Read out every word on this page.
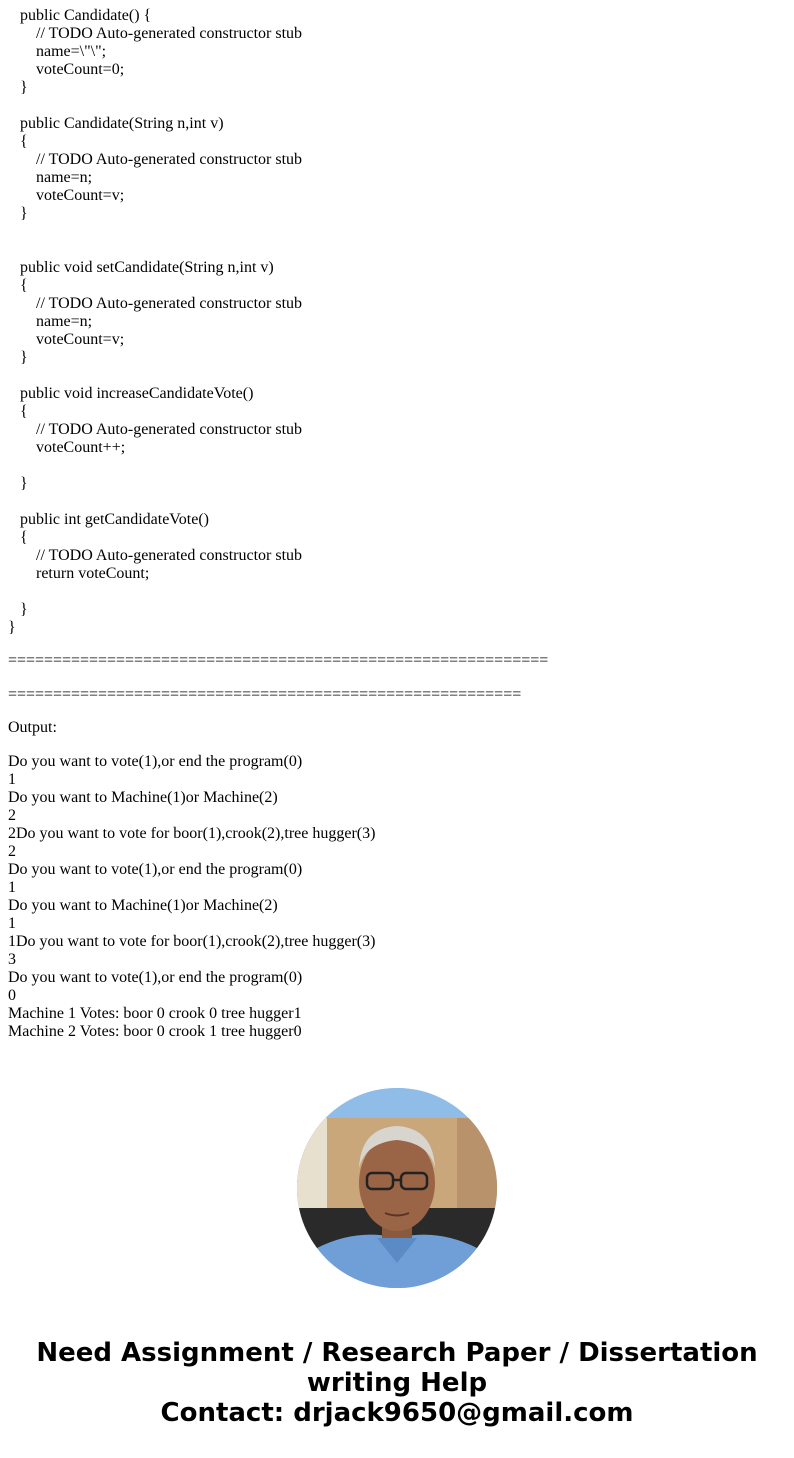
public Candidate() {
// TODO Auto-generated constructor stub
name=\"\";
voteCount=0;
}
public Candidate(String n,int v)
{
// TODO Auto-generated constructor stub
name=n;
voteCount=v;
}
public void setCandidate(String n,int v)
{
// TODO Auto-generated constructor stub
name=n;
voteCount=v;
}
public void increaseCandidateVote()
{
// TODO Auto-generated constructor stub
voteCount++;
}
public int getCandidateVote()
{
// TODO Auto-generated constructor stub
return voteCount;
}
}
============================================================
=========================================================
Output:
Do you want to vote(1),or end the program(0)
1
Do you want to Machine(1)or Machine(2)
2
2Do you want to vote for boor(1),crook(2),tree hugger(3)
2
Do you want to vote(1),or end the program(0)
1
Do you want to Machine(1)or Machine(2)
1
1Do you want to vote for boor(1),crook(2),tree hugger(3)
3
Do you want to vote(1),or end the program(0)
0
Machine 1 Votes: boor 0 crook 0 tree hugger1
Machine 2 Votes: boor 0 crook 1 tree hugger0
Need Assignment / Research Paper / Dissertation
writing Help
Contact: drjack9650@gmail.com
